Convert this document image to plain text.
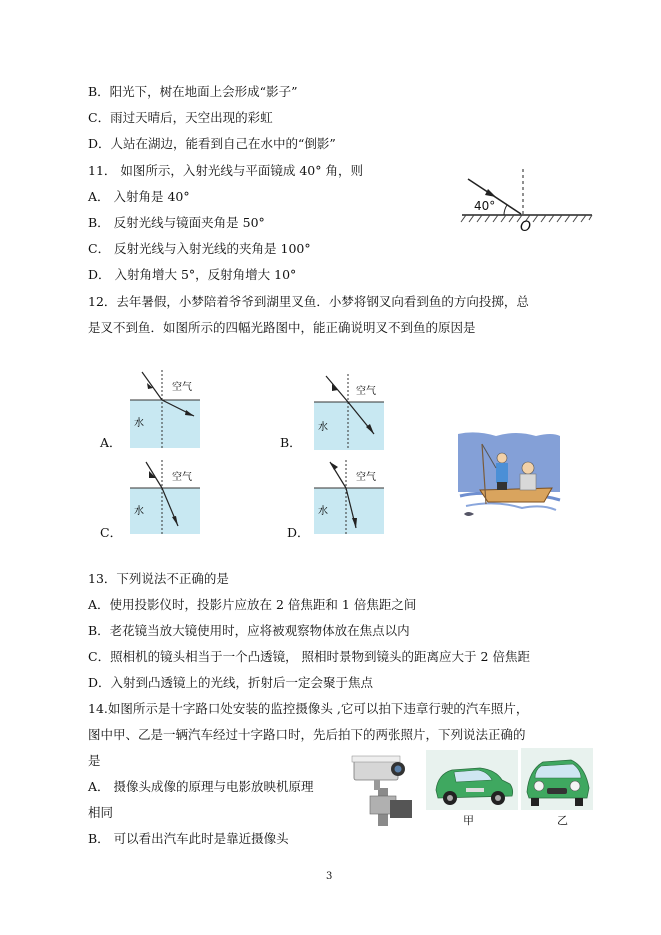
B．阳光下，树在地面上会形成“影子”
C．雨过天晴后，天空出现的彩虹
D．人站在湖边，能看到自己在水中的“倒影”
11． 如图所示，入射光线与平面镜成 40° 角，则
A． 入射角是 40°
B． 反射光线与镜面夹角是 50°
C． 反射光线与入射光线的夹角是 100°
D． 入射角增大 5°，反射角增大 10°
40°
O
12．去年暑假，小梦陪着爷爷到湖里叉鱼．小梦将钢叉向看到鱼的方向投掷，总
是叉不到鱼．如图所示的四幅光路图中，能正确说明叉不到鱼的原因是
A．	B．
C．	D．
空气
水
空气
水
空气
水
空气
水
13．下列说法不正确的是
A．使用投影仪时，投影片应放在 2 倍焦距和 1 倍焦距之间
B．老花镜当放大镜使用时，应将被观察物体放在焦点以内
C．照相机的镜头相当于一个凸透镜， 照相时景物到镜头的距离应大于 2 倍焦距
D．入射到凸透镜上的光线，折射后一定会聚于焦点
14.如图所示是十字路口处安装的监控摄像头 ,它可以拍下违章行驶的汽车照片，
图中甲、乙是一辆汽车经过十字路口时，先后拍下的两张照片，下列说法正确的
是
A． 摄像头成像的原理与电影放映机原理
相同
B． 可以看出汽车此时是靠近摄像头
甲	乙
3
